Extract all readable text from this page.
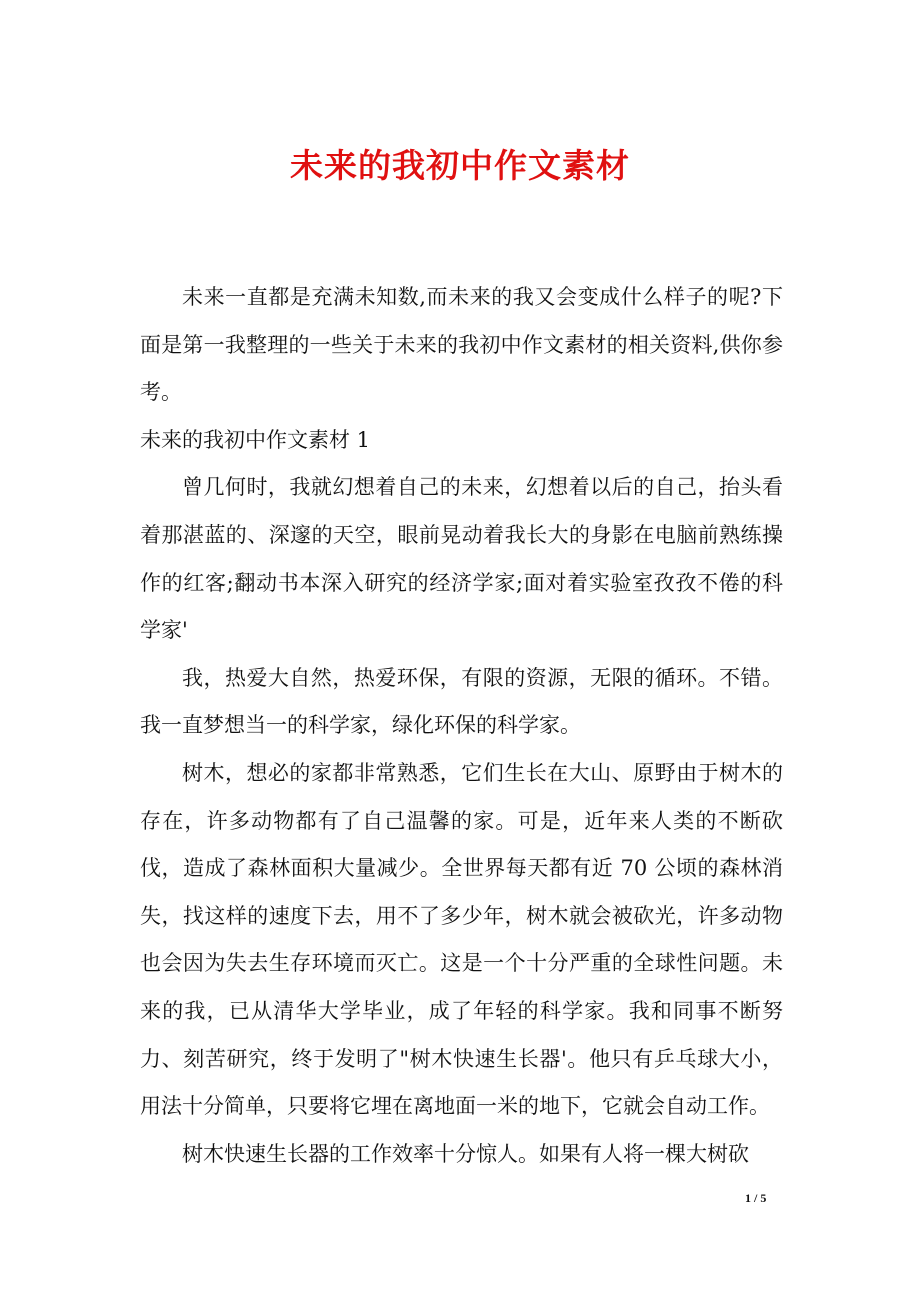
未来的我初中作文素材

未来一直都是充满未知数,而未来的我又会变成什么样子的呢?下面是第一我整理的一些关于未来的我初中作文素材的相关资料,供你参考。

未来的我初中作文素材 1

曾几何时，我就幻想着自己的未来，幻想着以后的自己，抬头看着那湛蓝的、深邃的天空，眼前晃动着我长大的身影在电脑前熟练操作的红客;翻动书本深入研究的经济学家;面对着实验室孜孜不倦的科学家'

我，热爱大自然，热爱环保，有限的资源，无限的循环。不错。我一直梦想当一的科学家，绿化环保的科学家。

树木，想必的家都非常熟悉，它们生长在大山、原野由于树木的存在，许多动物都有了自己温馨的家。可是，近年来人类的不断砍伐，造成了森林面积大量减少。全世界每天都有近 70 公顷的森林消失，找这样的速度下去，用不了多少年，树木就会被砍光，许多动物也会因为失去生存环境而灭亡。这是一个十分严重的全球性问题。未来的我，已从清华大学毕业，成了年轻的科学家。我和同事不断努力、刻苦研究，终于发明了"树木快速生长器'。他只有乒乓球大小，用法十分简单，只要将它埋在离地面一米的地下，它就会自动工作。

树木快速生长器的工作效率十分惊人。如果有人将一棵大树砍

1 / 5
